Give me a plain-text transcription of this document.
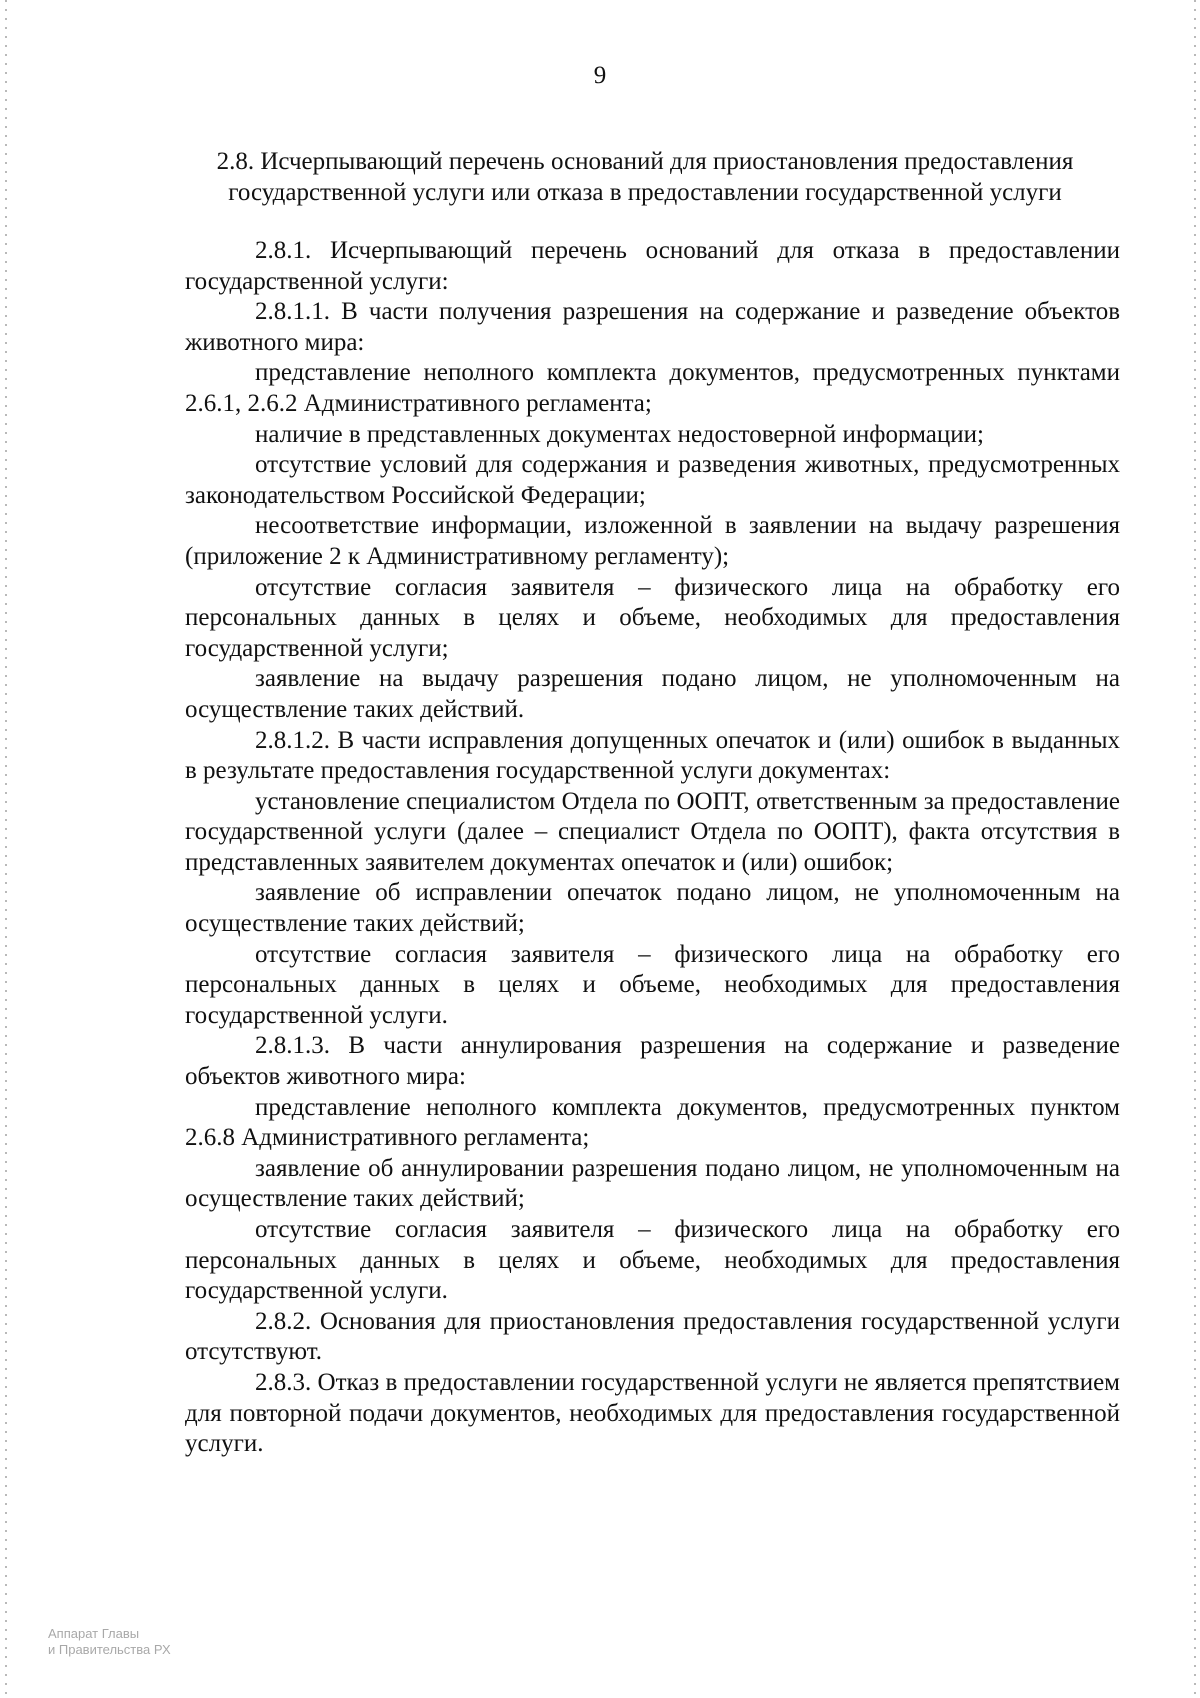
9
2.8. Исчерпывающий перечень оснований для приостановления предоставления
государственной услуги или отказа в предоставлении государственной услуги

2.8.1. Исчерпывающий перечень оснований для отказа в предоставлении государственной услуги:

2.8.1.1. В части получения разрешения на содержание и разведение объектов животного мира:

представление неполного комплекта документов, предусмотренных пунктами 2.6.1, 2.6.2 Административного регламента;

наличие в представленных документах недостоверной информации;

отсутствие условий для содержания и разведения животных, предусмотренных законодательством Российской Федерации;

несоответствие информации, изложенной в заявлении на выдачу разрешения (приложение 2 к Административному регламенту);

отсутствие согласия заявителя – физического лица на обработку его персональных данных в целях и объеме, необходимых для предоставления государственной услуги;

заявление на выдачу разрешения подано лицом, не уполномоченным на осуществление таких действий.

2.8.1.2. В части исправления допущенных опечаток и (или) ошибок в выданных в результате предоставления государственной услуги документах:

установление специалистом Отдела по ООПТ, ответственным за предоставление государственной услуги (далее – специалист Отдела по ООПТ), факта отсутствия в представленных заявителем документах опечаток и (или) ошибок;

заявление об исправлении опечаток подано лицом, не уполномоченным на осуществление таких действий;

отсутствие согласия заявителя – физического лица на обработку его персональных данных в целях и объеме, необходимых для предоставления государственной услуги.

2.8.1.3. В части аннулирования разрешения на содержание и разведение объектов животного мира:

представление неполного комплекта документов, предусмотренных пунктом 2.6.8 Административного регламента;

заявление об аннулировании разрешения подано лицом, не уполномоченным на осуществление таких действий;

отсутствие согласия заявителя – физического лица на обработку его персональных данных в целях и объеме, необходимых для предоставления государственной услуги.

2.8.2. Основания для приостановления предоставления государственной услуги отсутствуют.

2.8.3. Отказ в предоставлении государственной услуги не является препятствием для повторной подачи документов, необходимых для предоставления государственной услуги.

Аппарат Главы
и Правительства РХ
